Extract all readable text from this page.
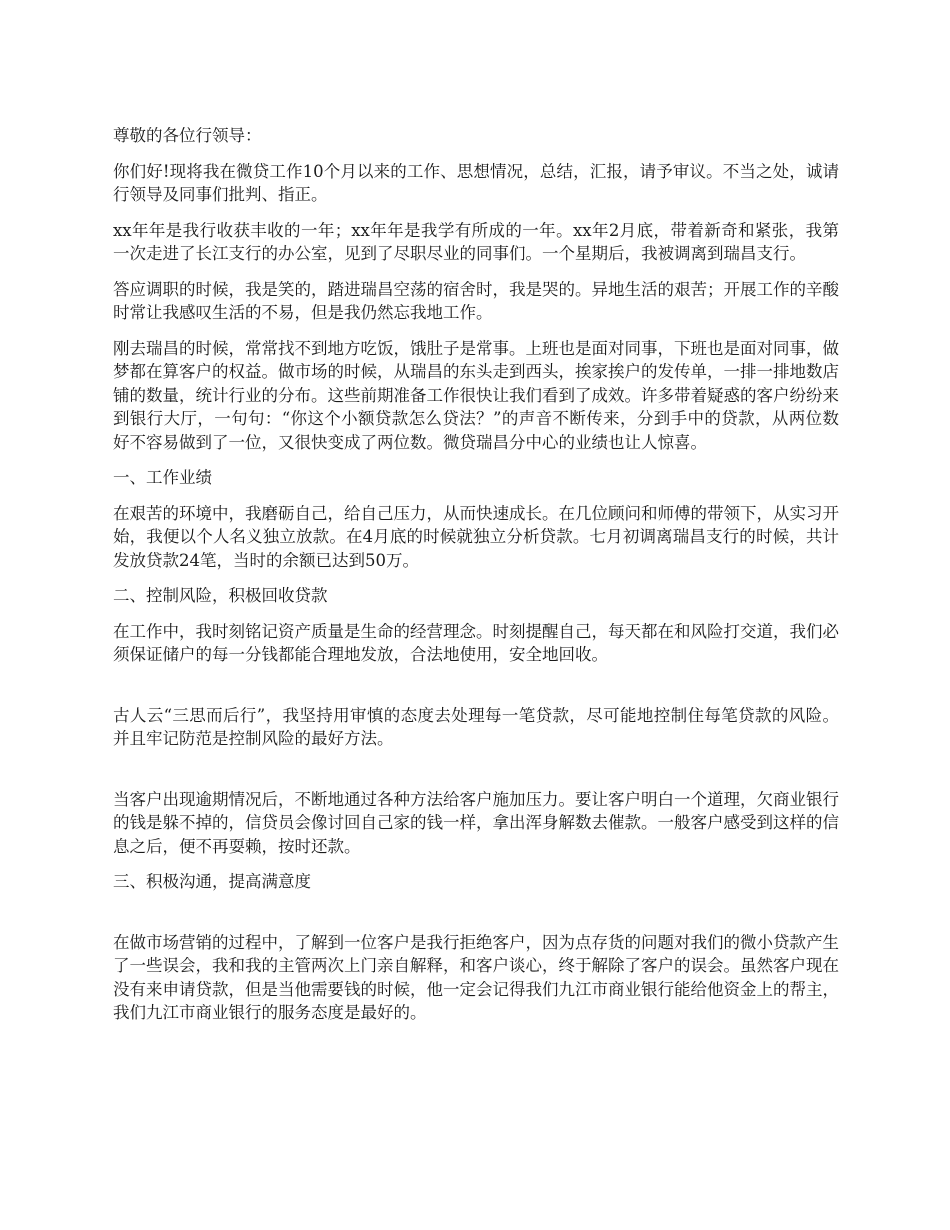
尊敬的各位行领导：

你们好!现将我在微贷工作10个月以来的工作、思想情况，总结，汇报，请予审议。不当之处，诚请行领导及同事们批判、指正。

xx年年是我行收获丰收的一年；xx年年是我学有所成的一年。xx年2月底，带着新奇和紧张，我第一次走进了长江支行的办公室，见到了尽职尽业的同事们。一个星期后，我被调离到瑞昌支行。

答应调职的时候，我是笑的，踏进瑞昌空荡的宿舍时，我是哭的。异地生活的艰苦；开展工作的辛酸时常让我感叹生活的不易，但是我仍然忘我地工作。

刚去瑞昌的时候，常常找不到地方吃饭，饿肚子是常事。上班也是面对同事，下班也是面对同事，做梦都在算客户的权益。做市场的时候，从瑞昌的东头走到西头，挨家挨户的发传单，一排一排地数店铺的数量，统计行业的分布。这些前期准备工作很快让我们看到了成效。许多带着疑惑的客户纷纷来到银行大厅，一句句：“你这个小额贷款怎么贷法？”的声音不断传来，分到手中的贷款，从两位数好不容易做到了一位，又很快变成了两位数。微贷瑞昌分中心的业绩也让人惊喜。

一、工作业绩

在艰苦的环境中，我磨砺自己，给自己压力，从而快速成长。在几位顾问和师傅的带领下，从实习开始，我便以个人名义独立放款。在4月底的时候就独立分析贷款。七月初调离瑞昌支行的时候，共计发放贷款24笔，当时的余额已达到50万。

二、控制风险，积极回收贷款

在工作中，我时刻铭记资产质量是生命的经营理念。时刻提醒自己，每天都在和风险打交道，我们必须保证储户的每一分钱都能合理地发放，合法地使用，安全地回收。

古人云“三思而后行”，我坚持用审慎的态度去处理每一笔贷款，尽可能地控制住每笔贷款的风险。并且牢记防范是控制风险的最好方法。

当客户出现逾期情况后，不断地通过各种方法给客户施加压力。要让客户明白一个道理，欠商业银行的钱是躲不掉的，信贷员会像讨回自己家的钱一样，拿出浑身解数去催款。一般客户感受到这样的信息之后，便不再耍赖，按时还款。

三、积极沟通，提高满意度

在做市场营销的过程中，了解到一位客户是我行拒绝客户，因为点存货的问题对我们的微小贷款产生了一些误会，我和我的主管两次上门亲自解释，和客户谈心，终于解除了客户的误会。虽然客户现在没有来申请贷款，但是当他需要钱的时候，他一定会记得我们九江市商业银行能给他资金上的帮主，我们九江市商业银行的服务态度是最好的。
